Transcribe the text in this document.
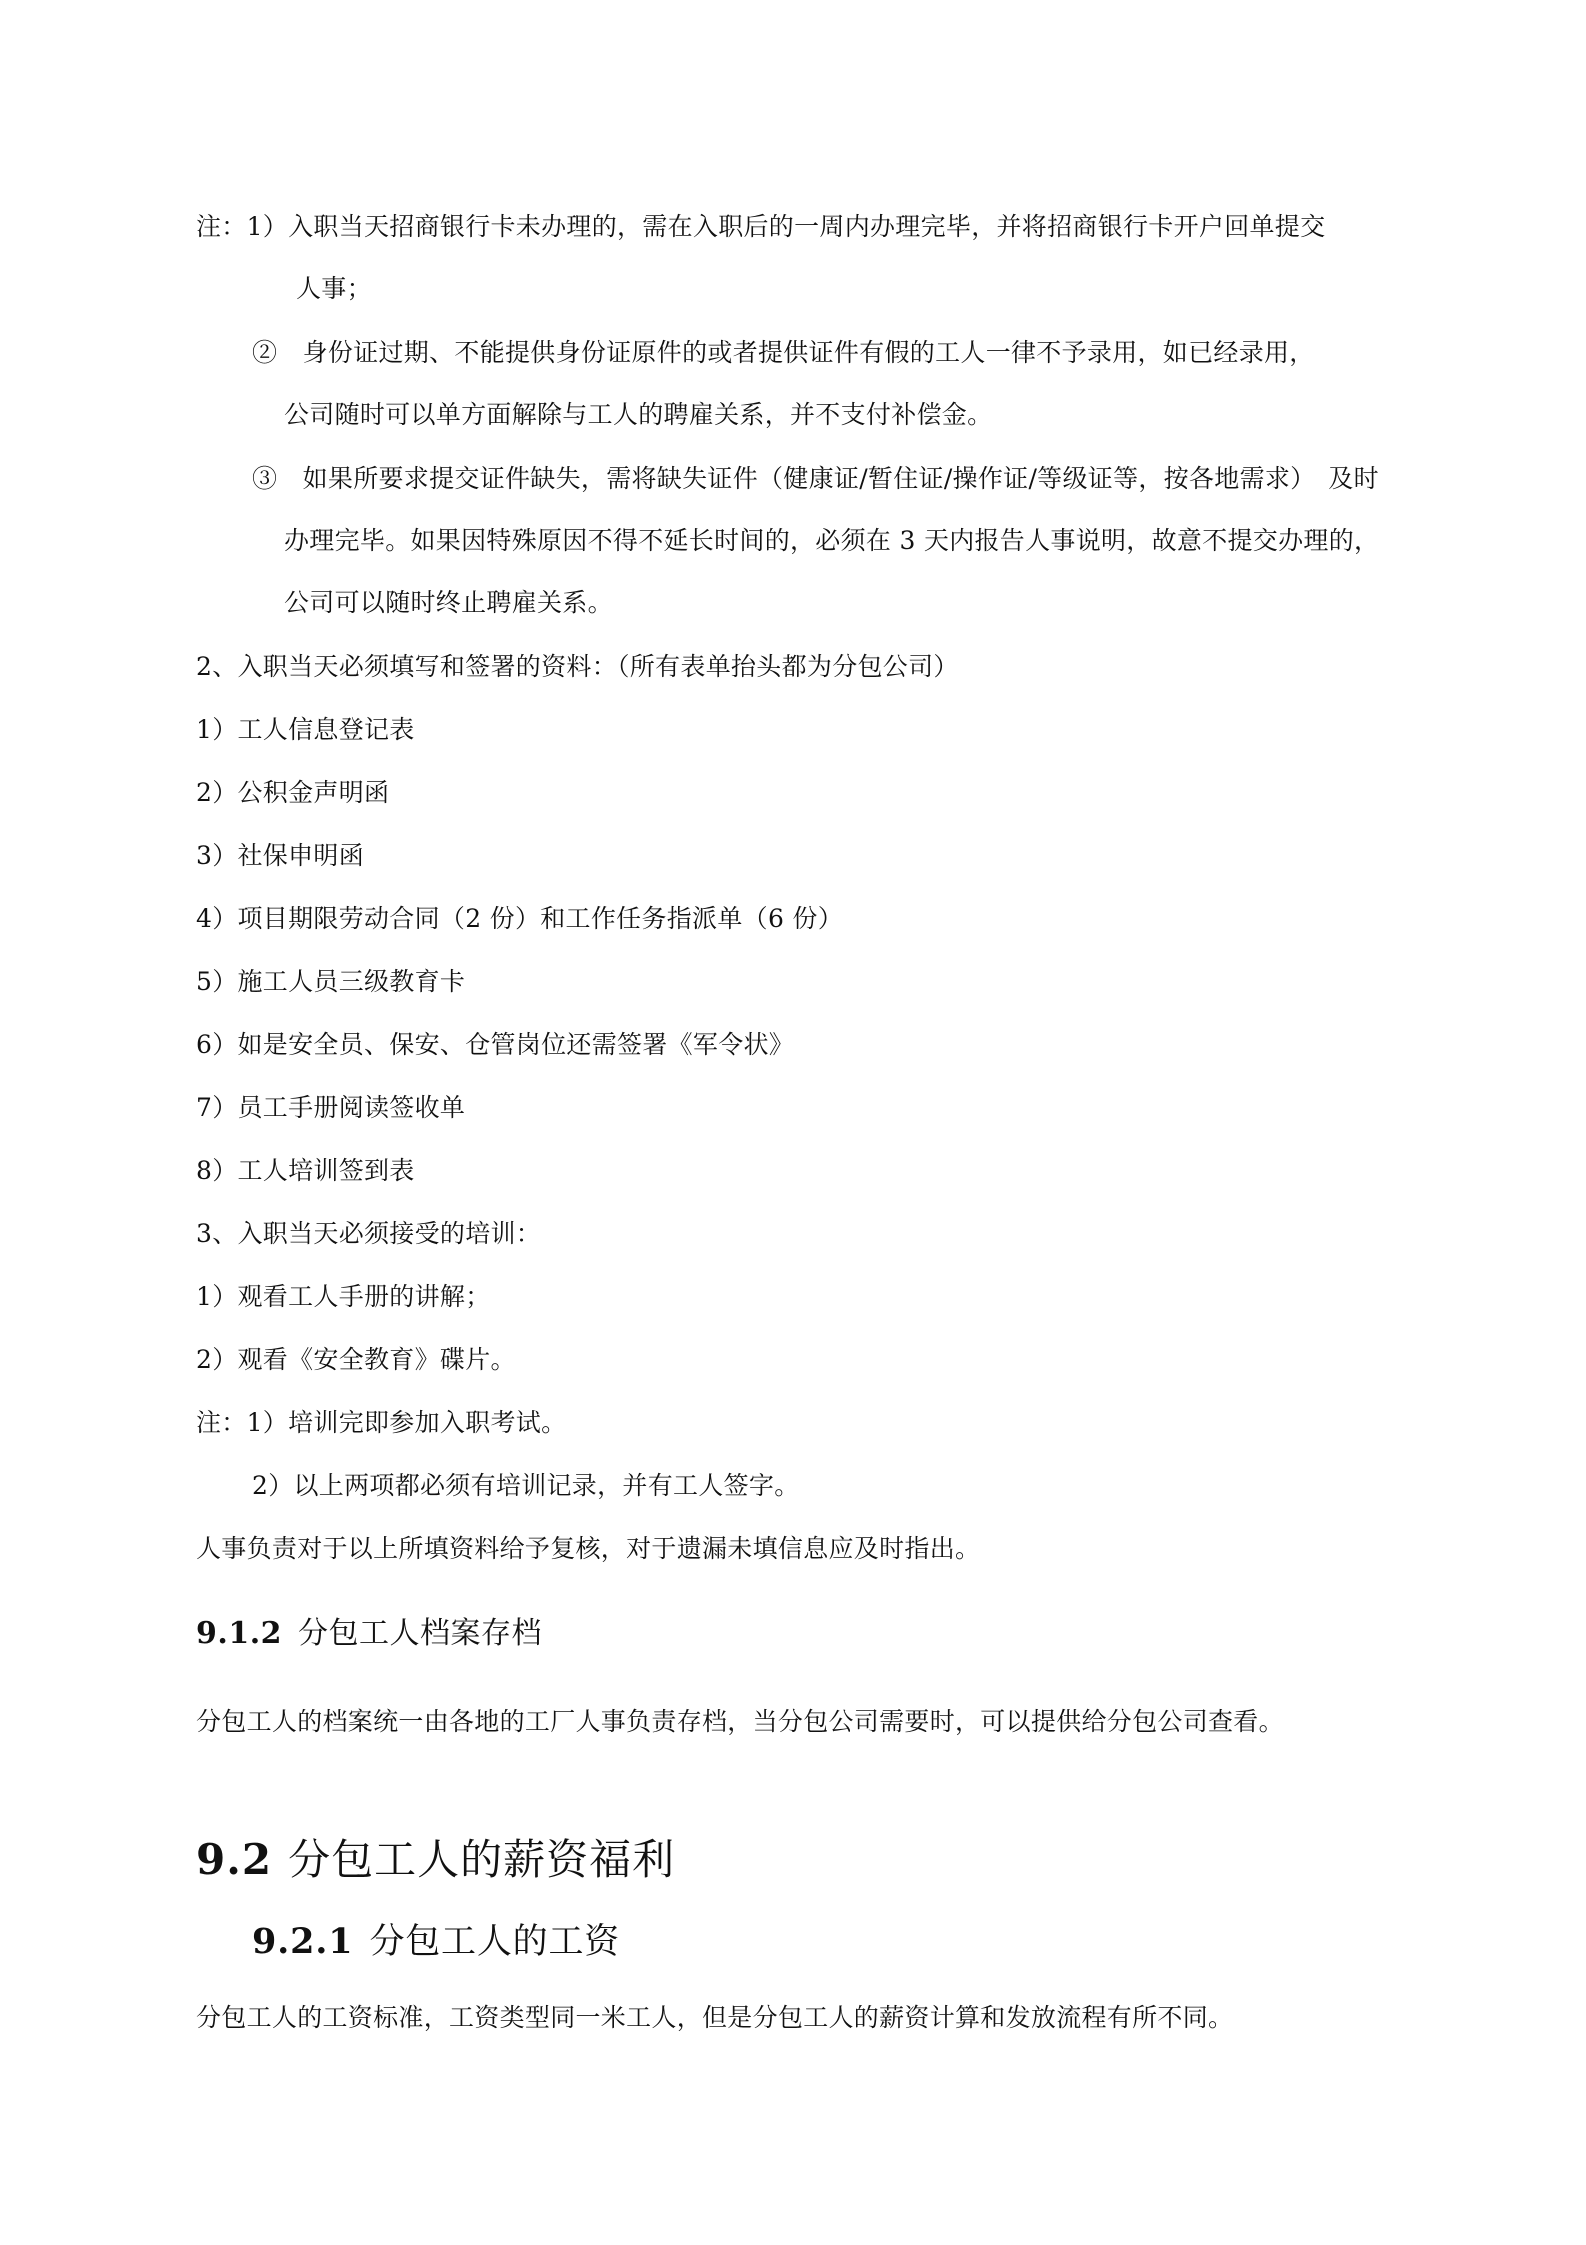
注：1）入职当天招商银行卡未办理的，需在入职后的一周内办理完毕，并将招商银行卡开户回单提交
人事；
②　身份证过期、不能提供身份证原件的或者提供证件有假的工人一律不予录用，如已经录用，
公司随时可以单方面解除与工人的聘雇关系，并不支付补偿金。
③　如果所要求提交证件缺失，需将缺失证件（健康证/暂住证/操作证/等级证等，按各地需求）　及时
办理完毕。如果因特殊原因不得不延长时间的，必须在 3 天内报告人事说明，故意不提交办理的，
公司可以随时终止聘雇关系。
2、入职当天必须填写和签署的资料：（所有表单抬头都为分包公司）
1）工人信息登记表
2）公积金声明函
3）社保申明函
4）项目期限劳动合同（2 份）和工作任务指派单（6 份）
5）施工人员三级教育卡
6）如是安全员、保安、仓管岗位还需签署《军令状》
7）员工手册阅读签收单
8）工人培训签到表
3、入职当天必须接受的培训：
1）观看工人手册的讲解；
2）观看《安全教育》碟片。
注：1）培训完即参加入职考试。
2）以上两项都必须有培训记录，并有工人签字。
人事负责对于以上所填资料给予复核，对于遗漏未填信息应及时指出。
9.1.2 分包工人档案存档
分包工人的档案统一由各地的工厂人事负责存档，当分包公司需要时，可以提供给分包公司查看。
9.2 分包工人的薪资福利
9.2.1 分包工人的工资
分包工人的工资标准，工资类型同一米工人，但是分包工人的薪资计算和发放流程有所不同。
